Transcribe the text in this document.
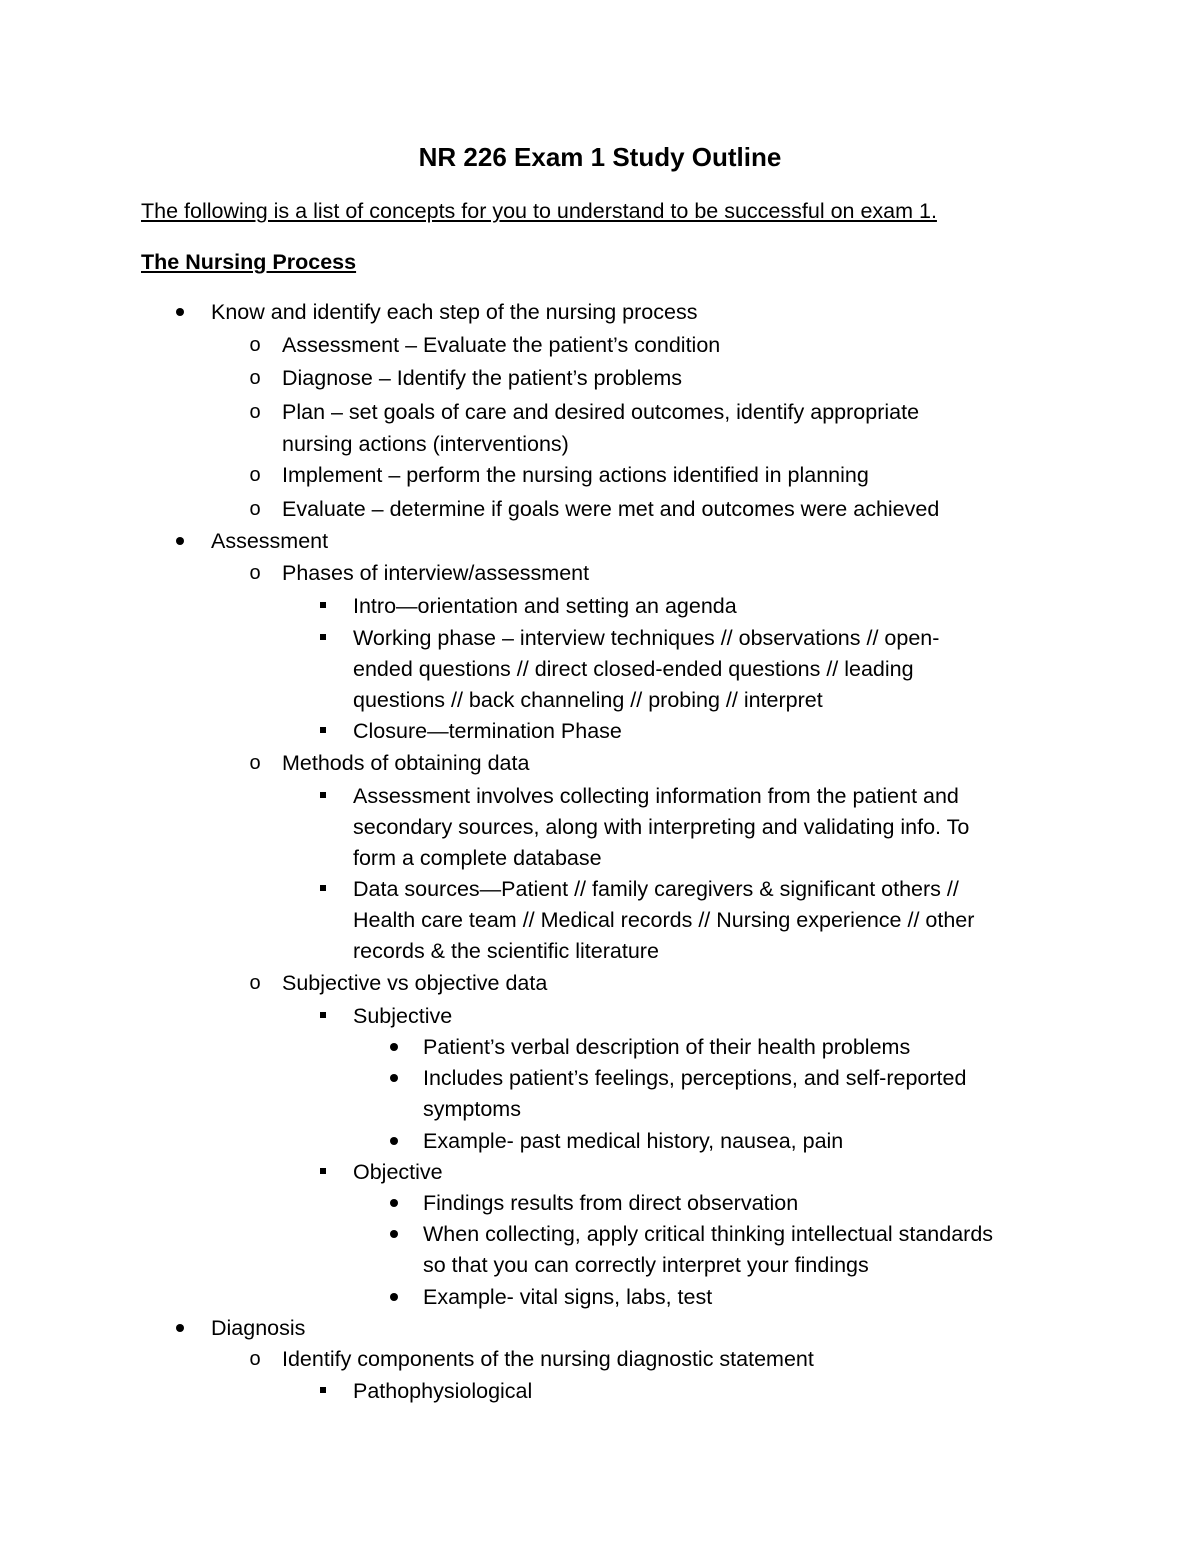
NR 226 Exam 1 Study Outline
The following is a list of concepts for you to understand to be successful on exam 1.
The Nursing Process
Know and identify each step of the nursing process
o Assessment – Evaluate the patient’s condition
o Diagnose – Identify the patient’s problems
o Plan – set goals of care and desired outcomes, identify appropriate
nursing actions (interventions)
o Implement – perform the nursing actions identified in planning
o Evaluate – determine if goals were met and outcomes were achieved
Assessment
o Phases of interview/assessment
Intro—orientation and setting an agenda
Working phase – interview techniques // observations // open-
ended questions // direct closed-ended questions // leading
questions // back channeling // probing // interpret
Closure—termination Phase
o Methods of obtaining data
Assessment involves collecting information from the patient and
secondary sources, along with interpreting and validating info. To
form a complete database
Data sources—Patient // family caregivers & significant others //
Health care team // Medical records // Nursing experience // other
records & the scientific literature
o Subjective vs objective data
Subjective
Patient’s verbal description of their health problems
Includes patient’s feelings, perceptions, and self-reported
symptoms
Example- past medical history, nausea, pain
Objective
Findings results from direct observation
When collecting, apply critical thinking intellectual standards
so that you can correctly interpret your findings
Example- vital signs, labs, test
Diagnosis
o Identify components of the nursing diagnostic statement
Pathophysiological
